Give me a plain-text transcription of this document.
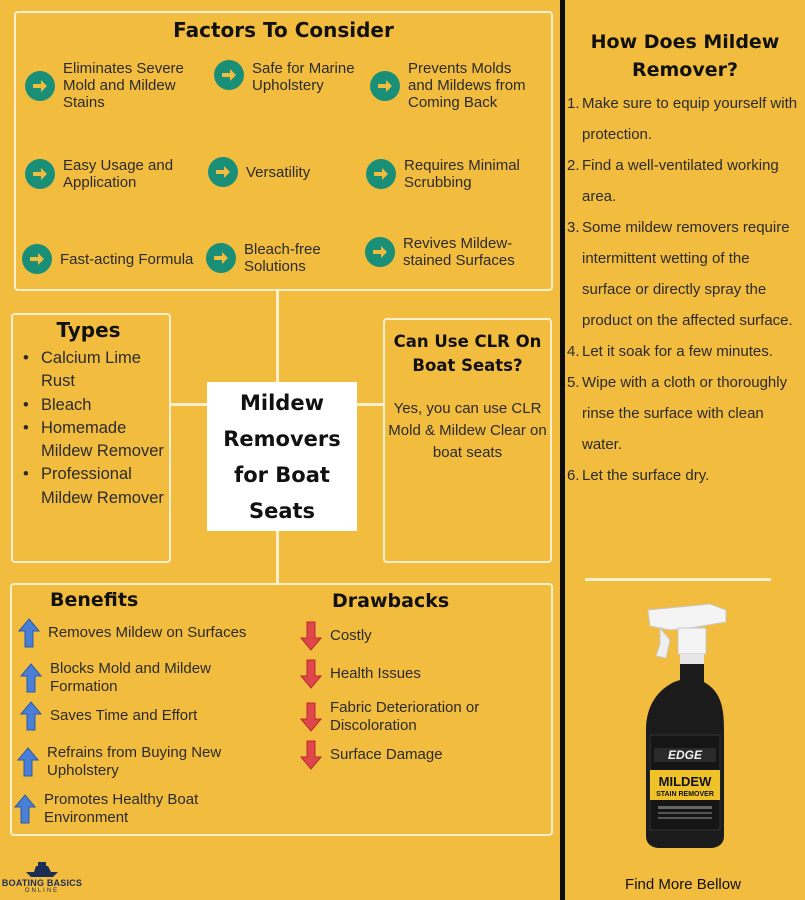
Factors To Consider
Eliminates Severe Mold and Mildew Stains
Safe for Marine Upholstery
Prevents Molds and Mildews from Coming Back
Easy Usage and Application
Versatility	Requires Minimal Scrubbing
Fast-acting Formula
Bleach-free Solutions
Revives Mildew-stained Surfaces
Types
• Calcium Lime Rust
• Bleach
• Homemade Mildew Remover
• Professional Mildew Remover
Mildew Removers for Boat Seats
Can Use CLR On Boat Seats?
Yes, you can use CLR Mold & Mildew Clear on boat seats
Benefits	Drawbacks
Removes Mildew on Surfaces
Blocks Mold and Mildew Formation
Saves Time and Effort
Refrains from Buying New Upholstery
Promotes Healthy Boat Environment
Costly
Health Issues
Fabric Deterioration or Discoloration
Surface Damage
How Does Mildew Remover?
1. Make sure to equip yourself with protection.
2. Find a well-ventilated working area.
3. Some mildew removers require intermittent wetting of the surface or directly spray the product on the affected surface.
4. Let it soak for a few minutes.
5. Wipe with a cloth or thoroughly rinse the surface with clean water.
6. Let the surface dry.
EDGE
MILDEW
STAIN REMOVER
Find More Bellow
BOATING BASICS
ONLINE
